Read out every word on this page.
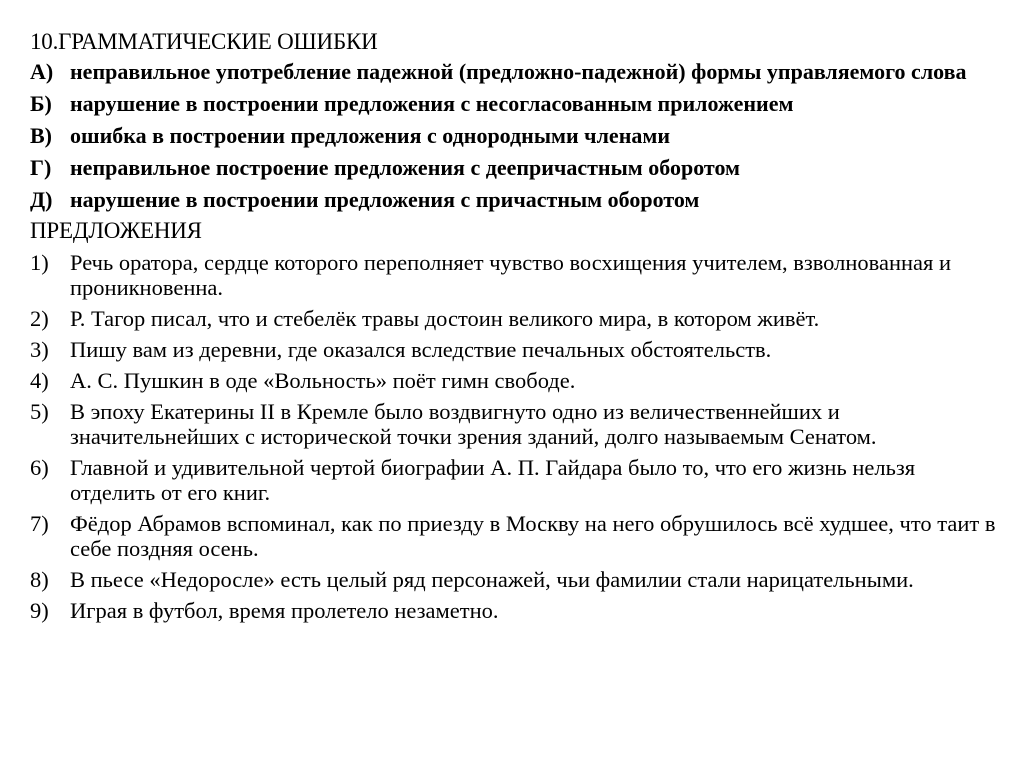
10.ГРАММАТИЧЕСКИЕ ОШИБКИ
А) неправильное употребление падежной (предложно-падежной) формы управляемого слова
Б) нарушение в построении предложения с несогласованным приложением
В) ошибка в построении предложения с однородными членами
Г) неправильное построение предложения с деепричастным оборотом
Д) нарушение в построении предложения с причастным оборотом
ПРЕДЛОЖЕНИЯ
1) Речь оратора, сердце которого переполняет чувство восхищения учителем, взволнованная и проникновенна.
2) Р. Тагор писал, что и стебелёк травы достоин великого мира, в котором живёт.
3) Пишу вам из деревни, где оказался вследствие печальных обстоятельств.
4) А. С. Пушкин в оде «Вольность» поёт гимн свободе.
5) В эпоху Екатерины II в Кремле было воздвигнуто одно из величественнейших и значительнейших с исторической точки зрения зданий, долго называемым Сенатом.
6) Главной и удивительной чертой биографии А. П. Гайдара было то, что его жизнь нельзя отделить от его книг.
7) Фёдор Абрамов вспоминал, как по приезду в Москву на него обрушилось всё худшее, что таит в себе поздняя осень.
8) В пьесе «Недоросле» есть целый ряд персонажей, чьи фамилии стали нарицательными.
9) Играя в футбол, время пролетело незаметно.
